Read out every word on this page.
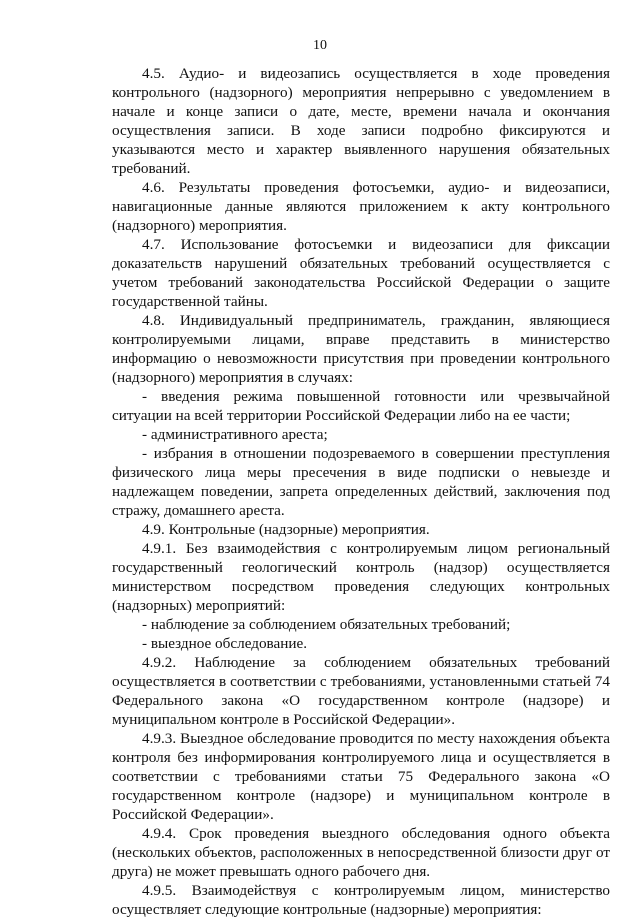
10

4.5. Аудио- и видеозапись осуществляется в ходе проведения контрольного (надзорного) мероприятия непрерывно с уведомлением в начале и конце записи о дате, месте, времени начала и окончания осуществления записи. В ходе записи подробно фиксируются и указываются место и характер выявленного нарушения обязательных требований.

4.6. Результаты проведения фотосъемки, аудио- и видеозаписи, навигационные данные являются приложением к акту контрольного (надзорного) мероприятия.

4.7. Использование фотосъемки и видеозаписи для фиксации доказательств нарушений обязательных требований осуществляется с учетом требований законодательства Российской Федерации о защите государственной тайны.

4.8. Индивидуальный предприниматель, гражданин, являющиеся контролируемыми лицами, вправе представить в министерство информацию о невозможности присутствия при проведении контрольного (надзорного) мероприятия в случаях:

- введения режима повышенной готовности или чрезвычайной ситуации на всей территории Российской Федерации либо на ее части;

- административного ареста;

- избрания в отношении подозреваемого в совершении преступления физического лица меры пресечения в виде подписки о невыезде и надлежащем поведении, запрета определенных действий, заключения под стражу, домашнего ареста.

4.9. Контрольные (надзорные) мероприятия.

4.9.1. Без взаимодействия с контролируемым лицом региональный государственный геологический контроль (надзор) осуществляется министерством посредством проведения следующих контрольных (надзорных) мероприятий:

- наблюдение за соблюдением обязательных требований;

- выездное обследование.

4.9.2. Наблюдение за соблюдением обязательных требований осуществляется в соответствии с требованиями, установленными статьей 74 Федерального закона «О государственном контроле (надзоре) и муниципальном контроле в Российской Федерации».

4.9.3. Выездное обследование проводится по месту нахождения объекта контроля без информирования контролируемого лица и осуществляется в соответствии с требованиями статьи 75 Федерального закона «О государственном контроле (надзоре) и муниципальном контроле в Российской Федерации».

4.9.4. Срок проведения выездного обследования одного объекта (нескольких объектов, расположенных в непосредственной близости друг от друга) не может превышать одного рабочего дня.

4.9.5. Взаимодействуя с контролируемым лицом, министерство осуществляет следующие контрольные (надзорные) мероприятия:
